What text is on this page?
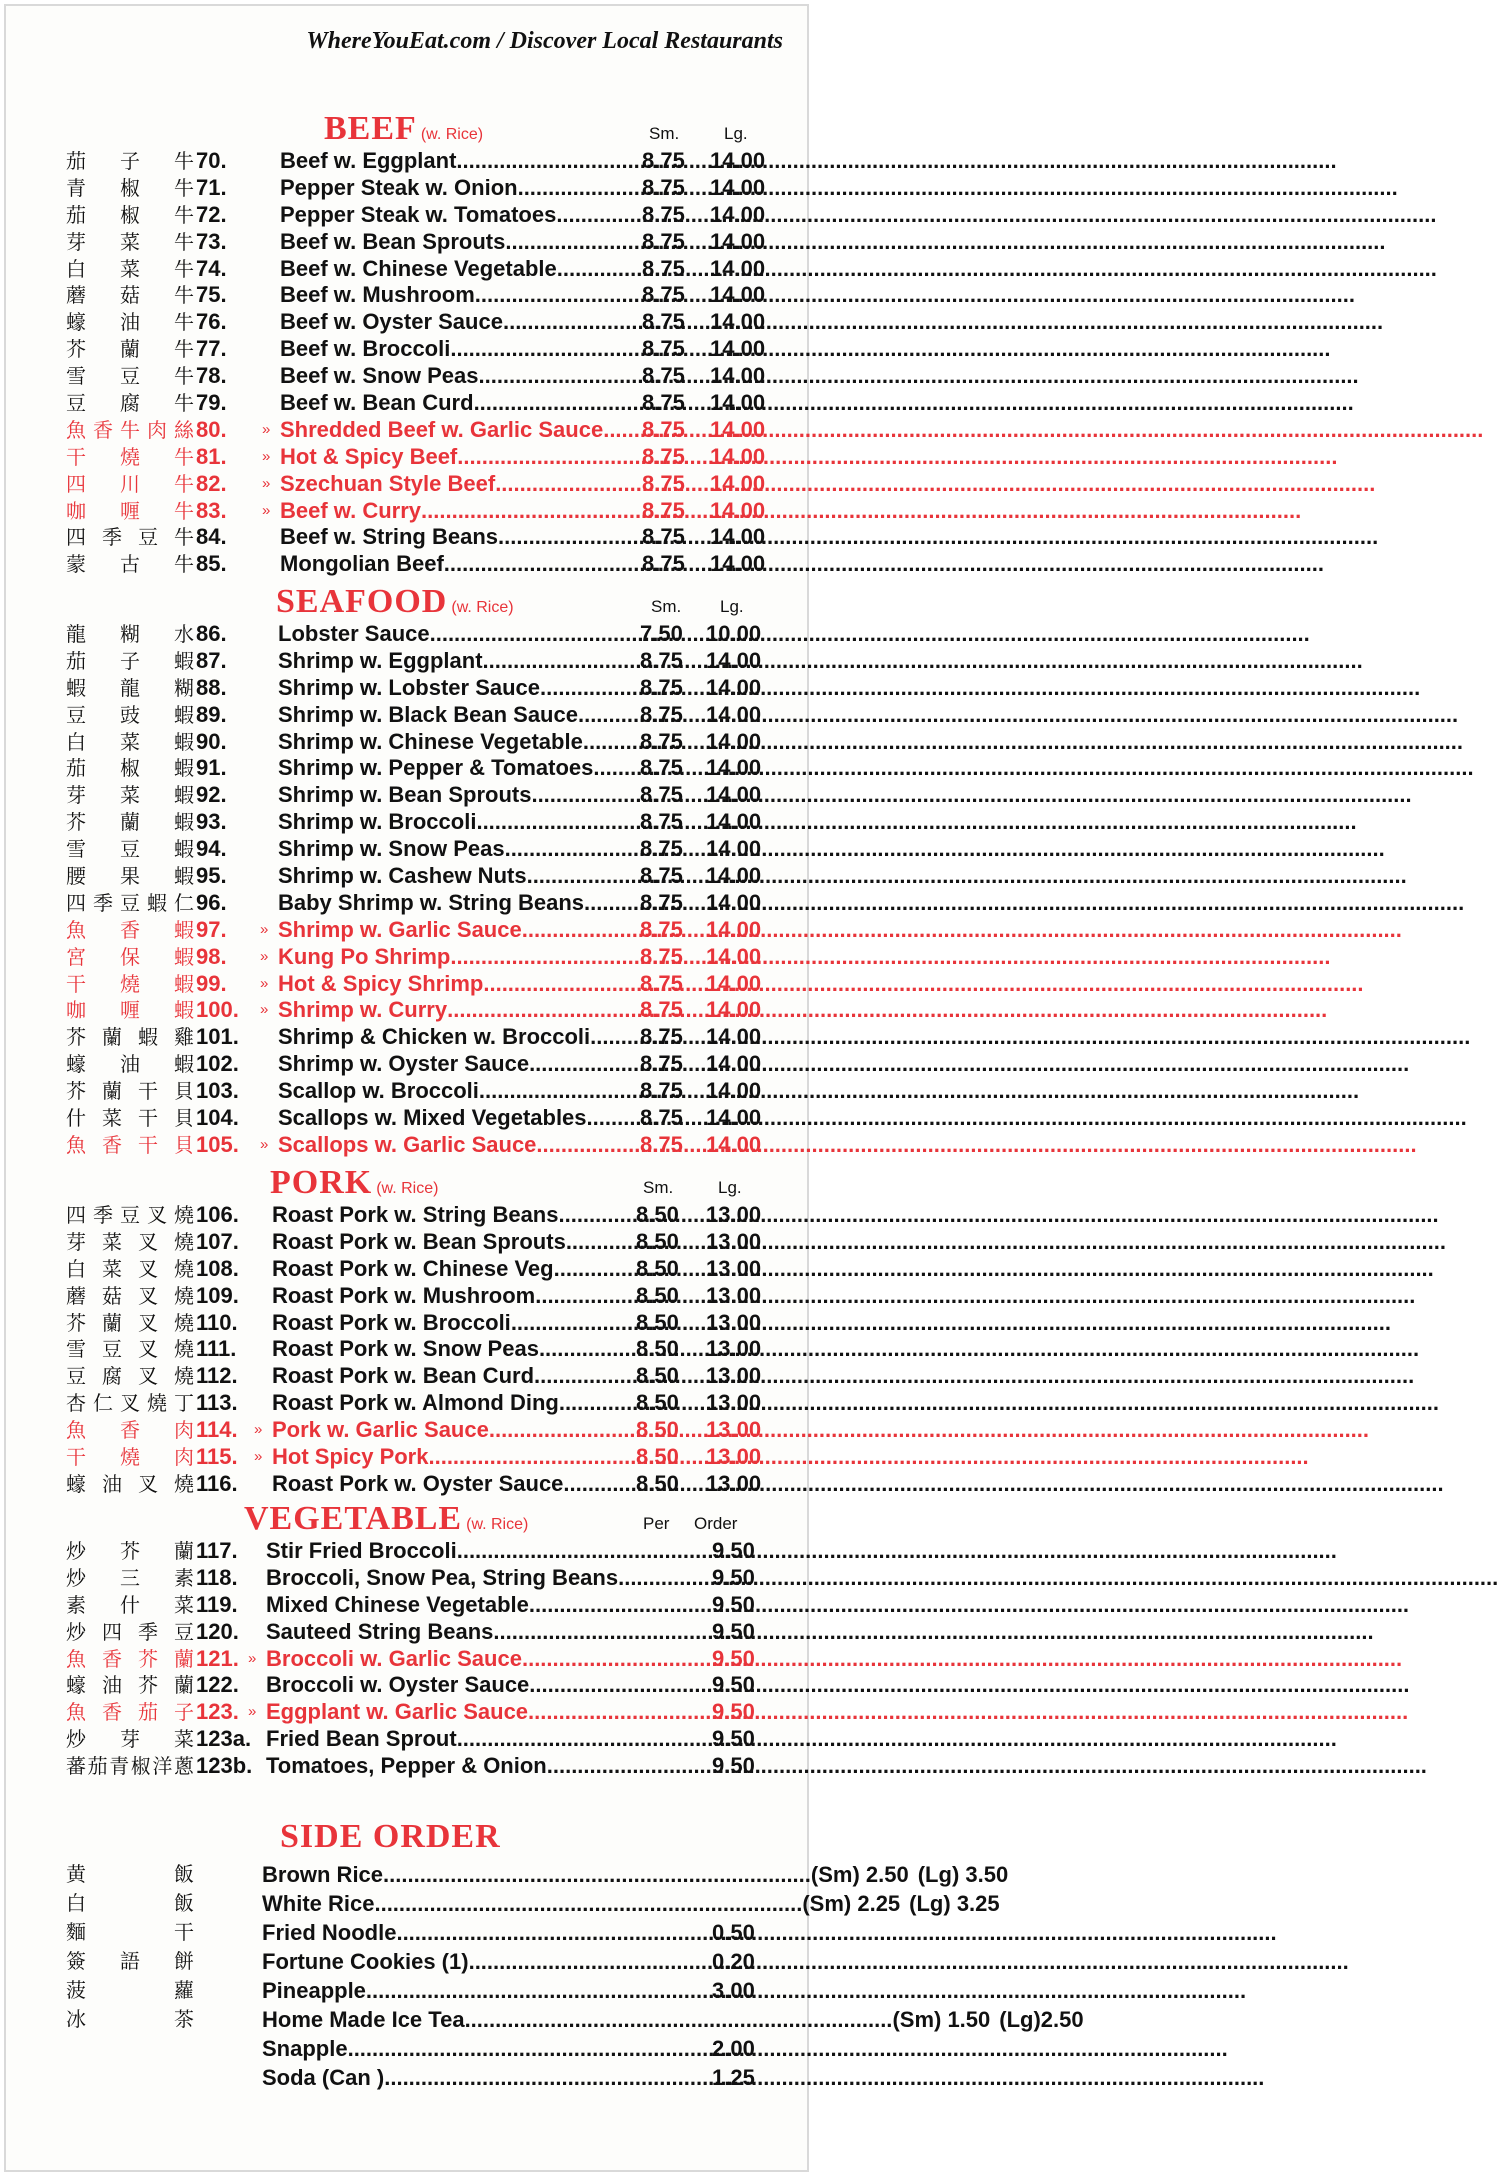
WhereYouEat.com / Discover Local Restaurants
BEEF (w. Rice)	Sm.	Lg.
茄 子 牛 70. Beef w. Eggplant .....	8.75 14.00
青 椒 牛 71. Pepper Steak w. Onion .....	8.75 14.00
茄 椒 牛 72. Pepper Steak w. Tomatoes .....	8.75 14.00
芽 菜 牛 73. Beef w. Bean Sprouts .....	8.75 14.00
白 菜 牛 74. Beef w. Chinese Vegetable .....	8.75 14.00
蘑 菇 牛 75. Beef w. Mushroom .....	8.75 14.00
蠔 油 牛 76. Beef w. Oyster Sauce .....	8.75 14.00
芥 蘭 牛 77. Beef w. Broccoli .....	8.75 14.00
雪 豆 牛 78. Beef w. Snow Peas .....	8.75 14.00
豆 腐 牛 79. Beef w. Bean Curd .....	8.75 14.00
魚 香 牛 肉 絲 80. » Shredded Beef w. Garlic Sauce ..... 8.75 14.00
干 燒 牛 81. » Hot & Spicy Beef .....	8.75 14.00
四 川 牛 82. » Szechuan Style Beef .....	8.75 14.00
咖 喱 牛 83. » Beef w. Curry .....	8.75 14.00
四 季 豆 牛 84. Beef w. String Beans .....	8.75 14.00
蒙 古 牛 85. Mongolian Beef .....	8.75 14.00
SEAFOOD (w. Rice)	Sm. Lg.
龍 糊 水 86. Lobster Sauce .....	7.50 10.00
茄 子 蝦 87. Shrimp w. Eggplant .....	8.75 14.00
蝦 龍 糊 88. Shrimp w. Lobster Sauce .....	8.75 14.00
豆 豉 蝦 89. Shrimp w. Black Bean Sauce .....	8.75 14.00
白 菜 蝦 90. Shrimp w. Chinese Vegetable .....	8.75 14.00
茄 椒 蝦 91. Shrimp w. Pepper & Tomatoes ..... 8.75 14.00
芽 菜 蝦 92. Shrimp w. Bean Sprouts .....	8.75 14.00
芥 蘭 蝦 93. Shrimp w. Broccoli .....	8.75 14.00
雪 豆 蝦 94. Shrimp w. Snow Peas .....	8.75 14.00
腰 果 蝦 95. Shrimp w. Cashew Nuts .....	8.75 14.00
四 季 豆 蝦 仁 96. Baby Shrimp w. String Beans .....	8.75 14.00
魚 香 蝦 97. » Shrimp w. Garlic Sauce .....	8.75 14.00
宮 保 蝦 98. » Kung Po Shrimp .....	8.75 14.00
干 燒 蝦 99. » Hot & Spicy Shrimp .....	8.75 14.00
咖 喱 蝦 100. » Shrimp w. Curry .....	8.75 14.00
芥 蘭 蝦 雞 101. Shrimp & Chicken w. Broccoli ..... 8.75 14.00
蠔 油 蝦 102. Shrimp w. Oyster Sauce .....	8.75 14.00
芥 蘭 干 貝 103. Scallop w. Broccoli .....	8.75 14.00
什 菜 干 貝 104. Scallops w. Mixed Vegetables ..... 8.75 14.00
魚 香 干 貝 105. » Scallops w. Garlic Sauce .....	8.75 14.00
PORK (w. Rice)	Sm.	Lg.
四 季 豆 叉 燒 106. Roast Pork w. String Beans .....	8.50 13.00
芽 菜 叉 燒 107. Roast Pork w. Bean Sprouts .....	8.50 13.00
白 菜 叉 燒 108. Roast Pork w. Chinese Veg .....	8.50 13.00
蘑 菇 叉 燒 109. Roast Pork w. Mushroom .....	8.50 13.00
芥 蘭 叉 燒 110. Roast Pork w. Broccoli .....	8.50 13.00
雪 豆 叉 燒 111. Roast Pork w. Snow Peas .....	8.50 13.00
豆 腐 叉 燒 112. Roast Pork w. Bean Curd .....	8.50 13.00
杏 仁 叉 燒 丁 113. Roast Pork w. Almond Ding .....	8.50 13.00
魚 香 肉 114. » Pork w. Garlic Sauce .....	8.50 13.00
干 燒 肉 115. » Hot Spicy Pork .....	8.50 13.00
蠔 油 叉 燒 116. Roast Pork w. Oyster Sauce .....	8.50 13.00
VEGETABLE (w. Rice)	Per Order
炒 芥 蘭 117. Stir Fried Broccoli .....	9.50
炒 三 素 118. Broccoli, Snow Pea, String Beans .....	9.50
素 什 菜 119. Mixed Chinese Vegetable .....	9.50
炒 四 季 豆 120. Sauteed String Beans .....	9.50
魚 香 芥 蘭 121. » Broccoli w. Garlic Sauce .....	9.50
蠔 油 芥 蘭 122. Broccoli w. Oyster Sauce .....	9.50
魚 香 茄 子 123. » Eggplant w. Garlic Sauce .....	9.50
炒 芽 菜 123a. Fried Bean Sprout .....	9.50
蕃 茄 青 椒 洋 蔥 123b. Tomatoes, Pepper & Onion .....	9.50
SIDE ORDER
黄	飯	Brown Rice ...................................................................... (Sm) 2.50 (Lg) 3.50
白	飯	White Rice ...................................................................... (Sm) 2.25 (Lg) 3.25
麵	干	Fried Noodle .....	0.50
簽 語 餅	Fortune Cookies (1) .....	0.20
菠	蘿	Pineapple .....	3.00
冰	茶	Home Made Ice Tea ...................................................................... (Sm) 1.50 (Lg)2.50
Snapple .....	2.00
Soda (Can ) .....	1.25
